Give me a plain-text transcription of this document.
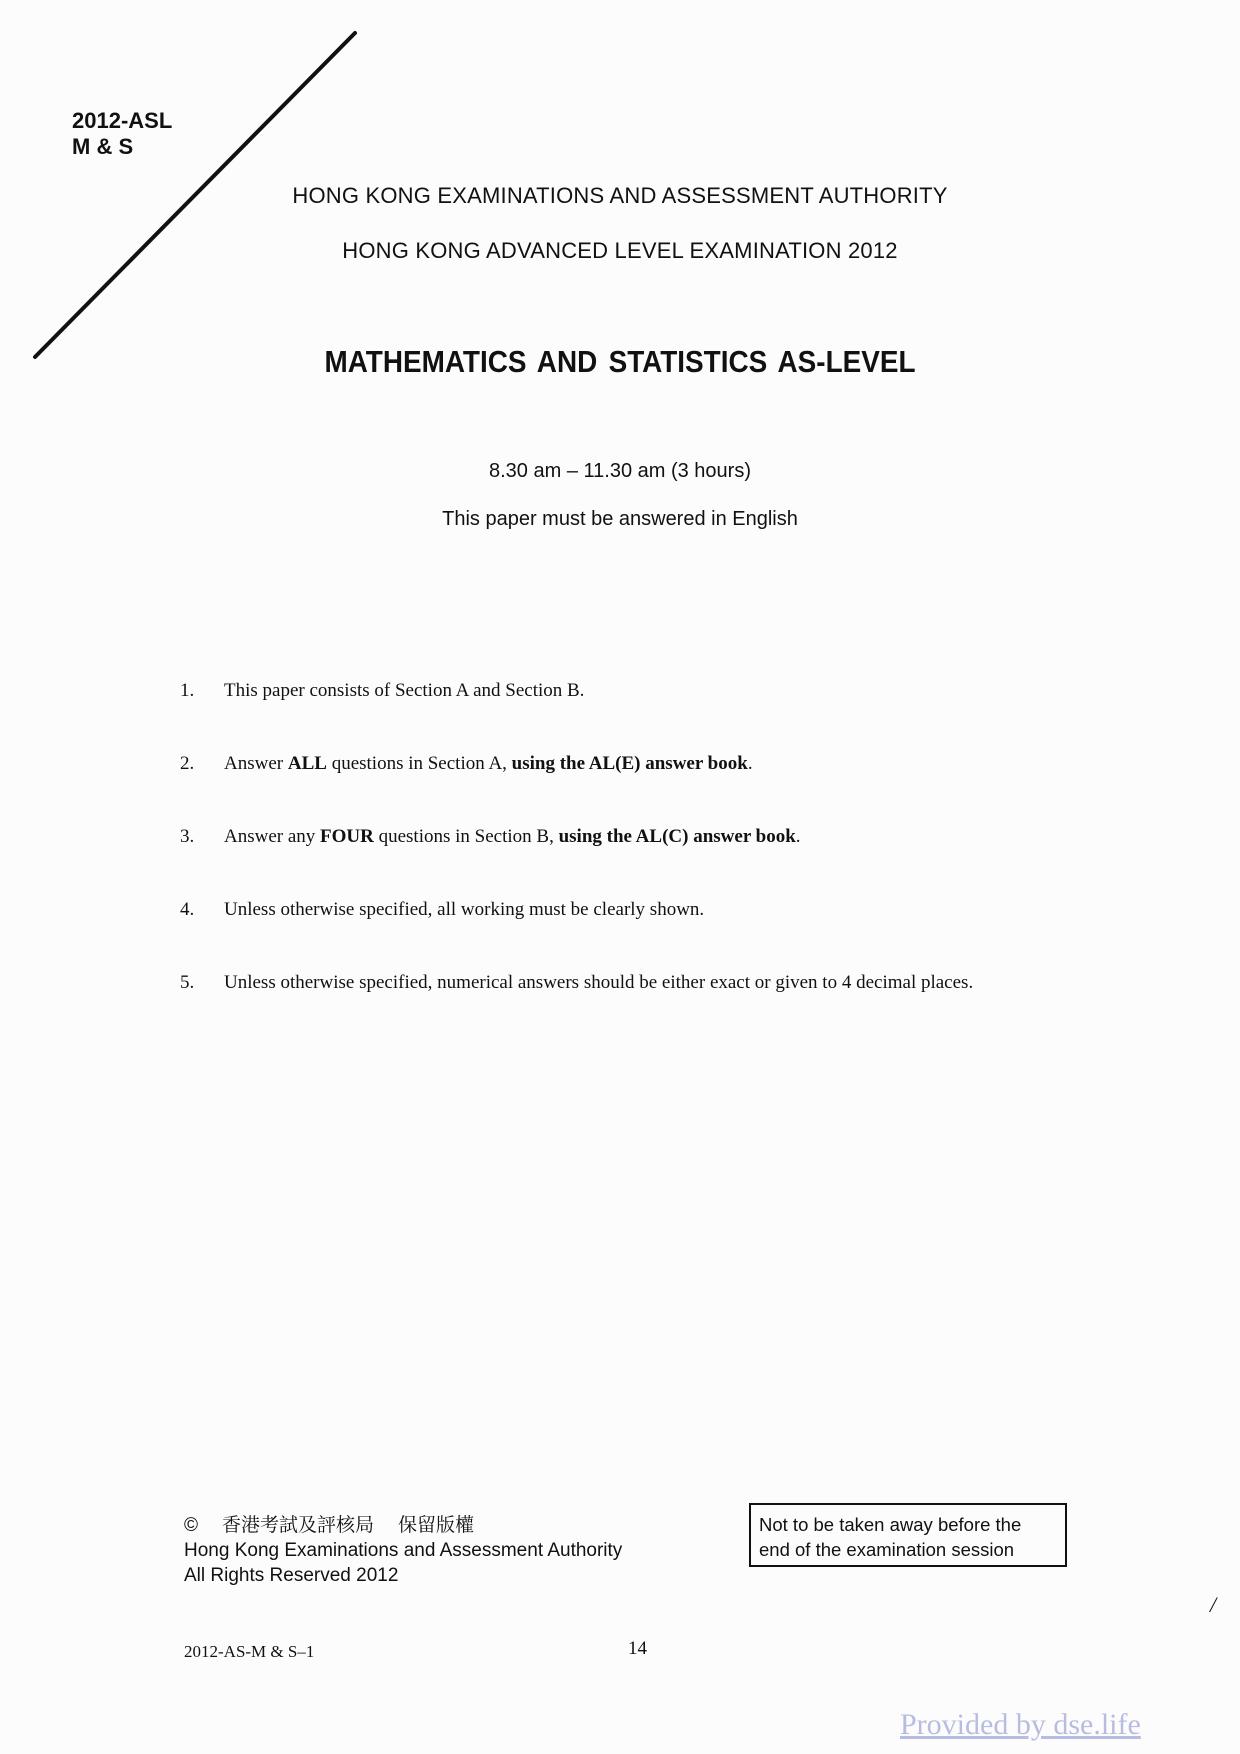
2012-ASL
M & S
HONG KONG EXAMINATIONS AND ASSESSMENT AUTHORITY
HONG KONG ADVANCED LEVEL EXAMINATION 2012
MATHEMATICS AND STATISTICS AS-LEVEL
8.30 am – 11.30 am (3 hours)
This paper must be answered in English
1. This paper consists of Section A and Section B.
2. Answer ALL questions in Section A, using the AL(E) answer book.
3. Answer any FOUR questions in Section B, using the AL(C) answer book.
4. Unless otherwise specified, all working must be clearly shown.
5. Unless otherwise specified, numerical answers should be either exact or given to 4 decimal places.
© 香港考試及評核局 保留版權
Hong Kong Examinations and Assessment Authority
All Rights Reserved 2012
Not to be taken away before the
end of the examination session
2012-AS-M & S–1	14
/
Provided by dse.life
